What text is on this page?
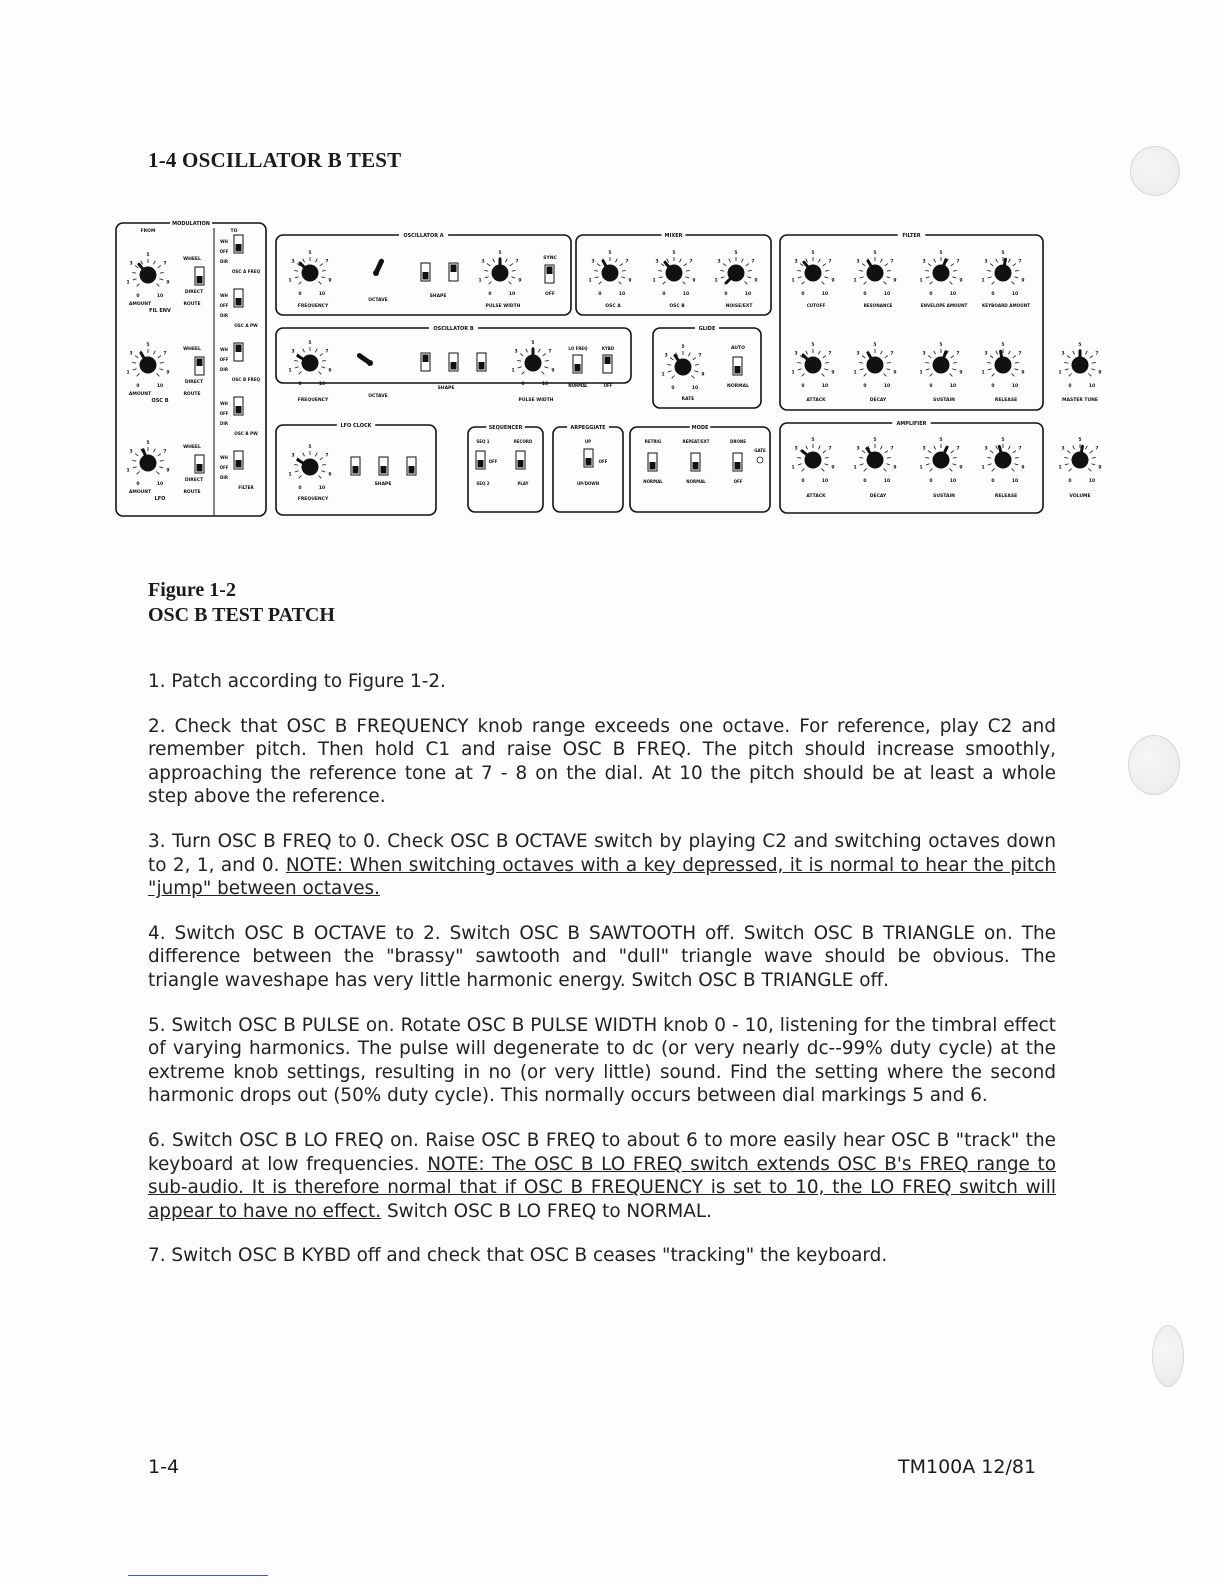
1-4 OSCILLATOR B TEST
MODULATION
FROM	TO
1
3
5
7
9
0	10
WHEEL
DIRECT
AMOUNT	ROUTE
FIL ENV
1
3
5
7
9
0	10
WHEEL
DIRECT
AMOUNT	ROUTE
OSC B
1
3
5
7
9
0	10
WHEEL
DIRECT
AMOUNT	ROUTE
LFO
WH
OFF
DIR
OSC A FREQ
WH
OFF
DIR
OSC A PW
WH
OFF
DIR
OSC B FREQ
WH
OFF
DIR
OSC B PW
WH
OFF
DIR
FILTER
OSCILLATOR A
1
3
5
7
9
0	10
FREQUENCY
OCTAVE
SHAPE
1
3
5
7
9
0	10
PULSE WIDTH
SYNC
OFF
MIXER
1
3
5
7
9
0	10
OSC A
1
3
5
7
9
0	10
OSC B
1
3
5
7
9
0	10
NOISE/EXT
OSCILLATOR B
1
3
5
7
9
0	10
FREQUENCY
OCTAVE
SHAPE
1
3
5
7
9
0	10
PULSE WIDTH
LO FREQ	KYBD
NORMAL	OFF
GLIDE
1
3
5
7
9
0	10
RATE
AUTO
NORMAL
FILTER
1
3
5
7
9
0	10
CUTOFF
1
3
5
7
9
0	10
RESONANCE
1
3
5
7
9
0	10
ENVELOPE AMOUNT
1
3
5
7
9
0	10
KEYBOARD AMOUNT
1
3
5
7
9
0	10
ATTACK
1
3
5
7
9
0	10
DECAY
1
3
5
7
9
0	10
SUSTAIN
1
3
5
7
9
0	10
RELEASE
1
3
5
7
9
0	10
MASTER TUNE
LFO CLOCK
1
3
5
7
9
0	10
FREQUENCY
SHAPE
SEQUENCER
SEQ 1	RECORD
OFF
SEQ 2	PLAY
ARPEGGIATE
UP
OFF
UP/DOWN
MODE
RETRIG	REPEAT/EXT	DRONE
GATE
NORMAL	NORMAL	OFF
AMPLIFIER
1
3
5
7
9
0	10
ATTACK
1
3
5
7
9
0	10
DECAY
1
3
5
7
9
0	10
SUSTAIN
1
3
5
7
9
0	10
RELEASE
1
3
5
7
9
0	10
VOLUME
Figure 1-2
OSC B TEST PATCH

1. Patch according to Figure 1-2.

2. Check that OSC B FREQUENCY knob range exceeds one octave. For reference, play C2 and remember pitch. Then hold C1 and raise OSC B FREQ. The pitch should increase smoothly, approaching the reference tone at 7 - 8 on the dial. At 10 the pitch should be at least a whole step above the reference.

3. Turn OSC B FREQ to 0. Check OSC B OCTAVE switch by playing C2 and switching octaves down to 2, 1, and 0. NOTE: When switching octaves with a key depressed, it is normal to hear the pitch "jump" between octaves.

4. Switch OSC B OCTAVE to 2. Switch OSC B SAWTOOTH off. Switch OSC B TRIANGLE on. The difference between the "brassy" sawtooth and "dull" triangle wave should be obvious. The triangle waveshape has very little harmonic energy. Switch OSC B TRIANGLE off.

5. Switch OSC B PULSE on. Rotate OSC B PULSE WIDTH knob 0 - 10, listening for the timbral effect of varying harmonics. The pulse will degenerate to dc (or very nearly dc--99% duty cycle) at the extreme knob settings, resulting in no (or very little) sound. Find the setting where the second harmonic drops out (50% duty cycle). This normally occurs between dial markings 5 and 6.

6. Switch OSC B LO FREQ on. Raise OSC B FREQ to about 6 to more easily hear OSC B "track" the keyboard at low frequencies. NOTE: The OSC B LO FREQ switch extends OSC B's FREQ range to sub-audio. It is therefore normal that if OSC B FREQUENCY is set to 10, the LO FREQ switch will appear to have no effect. Switch OSC B LO FREQ to NORMAL.

7. Switch OSC B KYBD off and check that OSC B ceases "tracking" the keyboard.

1-4	TM100A 12/81
